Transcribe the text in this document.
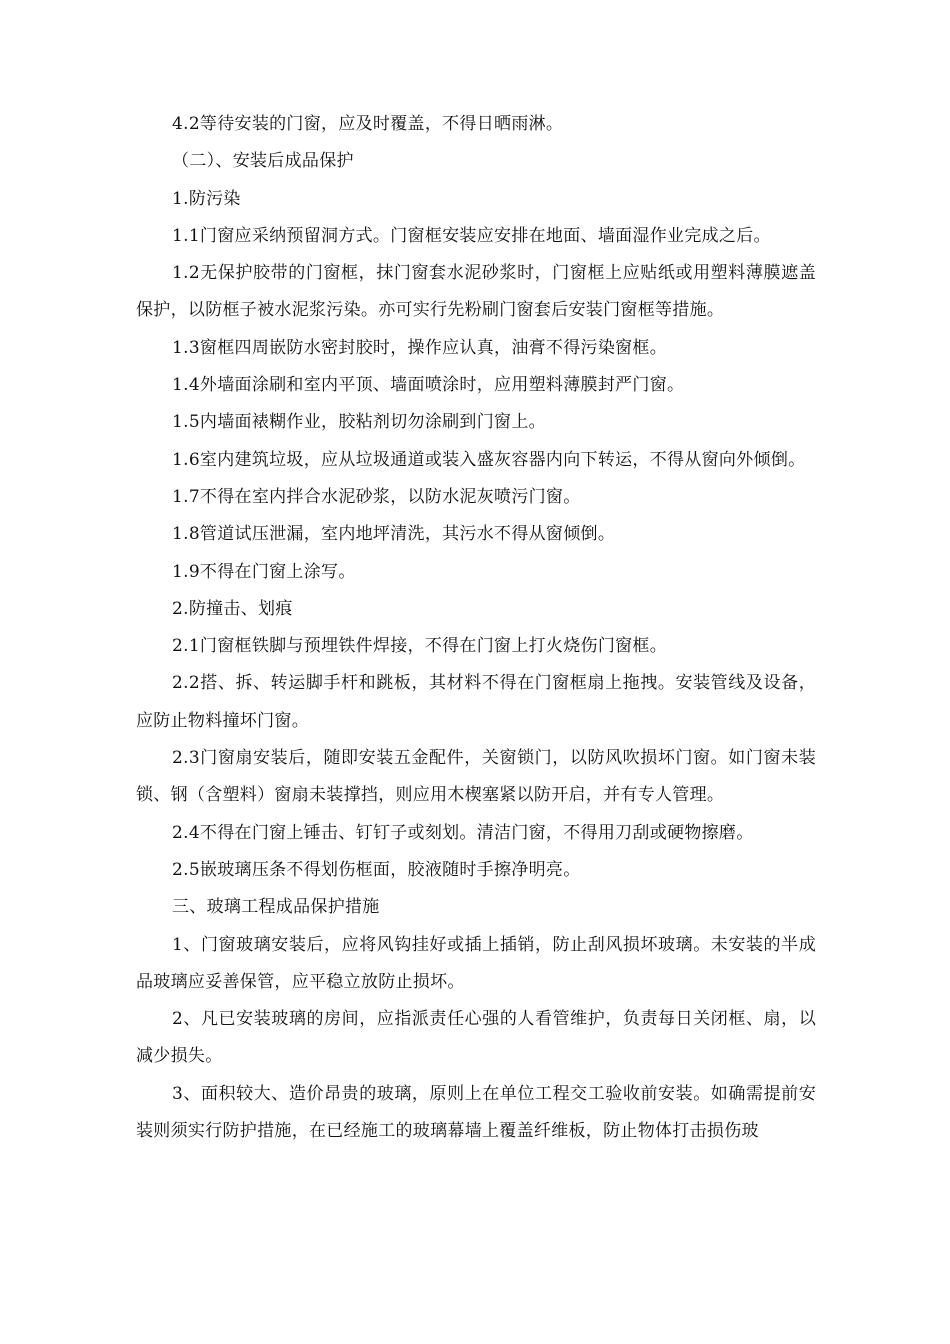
4.2等待安装的门窗，应及时覆盖，不得日晒雨淋。

（二）、安装后成品保护

1.防污染

1.1门窗应采纳预留洞方式。门窗框安装应安排在地面、墙面湿作业完成之后。

1.2无保护胶带的门窗框，抹门窗套水泥砂浆时，门窗框上应贴纸或用塑料薄膜遮盖保护，以防框子被水泥浆污染。亦可实行先粉刷门窗套后安装门窗框等措施。

1.3窗框四周嵌防水密封胶时，操作应认真，油膏不得污染窗框。

1.4外墙面涂刷和室内平顶、墙面喷涂时，应用塑料薄膜封严门窗。

1.5内墙面裱糊作业，胶粘剂切勿涂刷到门窗上。

1.6室内建筑垃圾，应从垃圾通道或装入盛灰容器内向下转运，不得从窗向外倾倒。

1.7不得在室内拌合水泥砂浆，以防水泥灰喷污门窗。

1.8管道试压泄漏，室内地坪清洗，其污水不得从窗倾倒。

1.9不得在门窗上涂写。

2.防撞击、划痕

2.1门窗框铁脚与预埋铁件焊接，不得在门窗上打火烧伤门窗框。

2.2搭、拆、转运脚手杆和跳板，其材料不得在门窗框扇上拖拽。安装管线及设备，应防止物料撞坏门窗。

2.3门窗扇安装后，随即安装五金配件，关窗锁门，以防风吹损坏门窗。如门窗未装锁、钢（含塑料）窗扇未装撑挡，则应用木楔塞紧以防开启，并有专人管理。

2.4不得在门窗上锤击、钉钉子或刻划。清洁门窗，不得用刀刮或硬物擦磨。

2.5嵌玻璃压条不得划伤框面，胶液随时手擦净明亮。

三、玻璃工程成品保护措施

1、门窗玻璃安装后，应将风钩挂好或插上插销，防止刮风损坏玻璃。未安装的半成品玻璃应妥善保管，应平稳立放防止损坏。

2、凡已安装玻璃的房间，应指派责任心强的人看管维护，负责每日关闭框、扇，以减少损失。

3、面积较大、造价昂贵的玻璃，原则上在单位工程交工验收前安装。如确需提前安装则须实行防护措施，在已经施工的玻璃幕墙上覆盖纤维板，防止物体打击损伤玻
